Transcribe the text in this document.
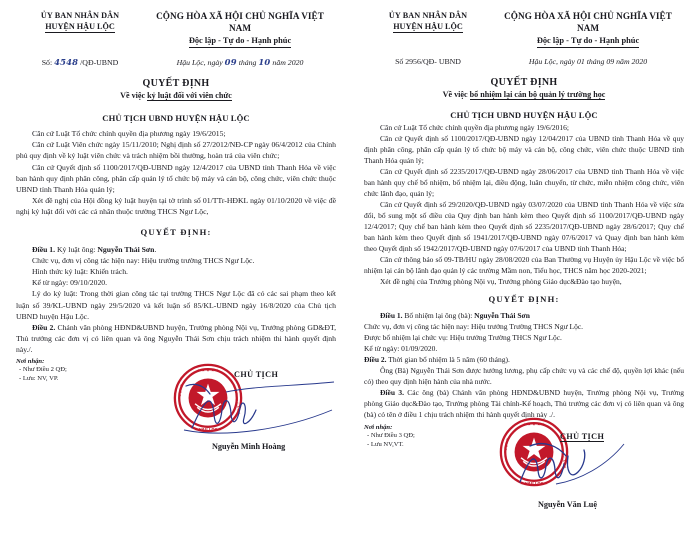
ỦY BAN NHÂN DÂN
HUYỆN HẬU LỘC
CỘNG HÒA XÃ HỘI CHỦ NGHĨA VIỆT NAM
Độc lập - Tự do - Hạnh phúc
Số: 4548 /QĐ-UBND	Hậu Lộc, ngày 09 tháng 10 năm 2020
QUYẾT ĐỊNH
Về việc kỷ luật đối với viên chức
CHỦ TỊCH UBND HUYỆN HẬU LỘC

Căn cứ Luật Tổ chức chính quyền địa phương ngày 19/6/2015;

Căn cứ Luật Viên chức ngày 15/11/2010; Nghị định số 27/2012/NĐ-CP ngày 06/4/2012 của Chính phủ quy định về kỷ luật viên chức và trách nhiệm bồi thường, hoàn trả của viên chức;

Căn cứ Quyết định số 1100/2017/QĐ-UBND ngày 12/4/2017 của UBND tỉnh Thanh Hóa về việc ban hành quy định phân công, phân cấp quản lý tổ chức bộ máy và cán bộ, công chức, viên chức thuộc UBND tỉnh Thanh Hóa quản lý;

Xét đề nghị của Hội đồng kỷ luật huyện tại tờ trình số 01/TTr-HĐKL ngày 01/10/2020 về việc đề nghị kỷ luật đối với các cá nhân thuộc trường THCS Ngư Lộc,

QUYẾT ĐỊNH:

Điều 1. Kỷ luật ông: Nguyễn Thái Sơn.

Chức vụ, đơn vị công tác hiện nay: Hiệu trưởng trường THCS Ngư Lộc.

Hình thức kỷ luật: Khiển trách.

Kể từ ngày: 09/10/2020.

Lý do kỷ luật: Trong thời gian công tác tại trường THCS Ngư Lộc đã có các sai phạm theo kết luận số 39/KL-UBND ngày 29/5/2020 và kết luận số 85/KL-UBND ngày 16/8/2020 của Chủ tịch UBND huyện Hậu Lộc.

Điều 2. Chánh văn phòng HĐND&UBND huyện, Trưởng phòng Nội vụ, Trưởng phòng GD&ĐT, Thủ trưởng các đơn vị có liên quan và ông Nguyễn Thái Sơn chịu trách nhiệm thi hành quyết định này./.

Nơi nhận:
- Như Điều 2 QĐ;
- Lưu: NV, VP.
★ ★ ★ ★ ★
★ HẬU LỘC ★
U B N D
T H A N H
CHỦ TỊCH
Nguyễn Minh Hoàng
ỦY BAN NHÂN DÂN
HUYỆN HẬU LỘC
CỘNG HÒA XÃ HỘI CHỦ NGHĨA VIỆT NAM
Độc lập - Tự do - Hạnh phúc
Số 2956/QĐ- UBND	Hậu Lộc, ngày 01 tháng 09 năm 2020
QUYẾT ĐỊNH
Về việc bổ nhiệm lại cán bộ quản lý trường học
CHỦ TỊCH UBND HUYỆN HẬU LỘC

Căn cứ Luật Tổ chức chính quyền địa phương ngày 19/6/2016;

Căn cứ Quyết định số 1100/2017/QĐ-UBND ngày 12/04/2017 của UBND tỉnh Thanh Hóa về quy định phân công, phân cấp quản lý tổ chức bộ máy và cán bộ, công chức, viên chức thuộc UBND tỉnh Thanh Hóa quản lý;

Căn cứ Quyết định số 2235/2017/QĐ-UBND ngày 28/06/2017 của UBND tỉnh Thanh Hóa về việc ban hành quy chế bổ nhiệm, bổ nhiệm lại, điều động, luân chuyển, từ chức, miễn nhiệm công chức, viên chức lãnh đạo, quản lý;

Căn cứ Quyết định số 29/2020/QĐ-UBND ngày 03/07/2020 của UBND tỉnh Thanh Hóa về việc sửa đổi, bổ sung một số điều của Quy định ban hành kèm theo Quyết định số 1100/2017/QĐ-UBND ngày 12/4/2017; Quy chế ban hành kèm theo Quyết định số 2235/2017/QĐ-UBND ngày 28/6/2017; Quy chế ban hành kèm theo Quyết định số 1941/2017/QĐ-UBND ngày 07/6/2017 và Quay định ban hành kèm theo Quyết định số 1942/2017/QĐ-UBND ngày 07/6/2017 của UBND tỉnh Thanh Hóa;

Căn cứ thông báo số 09-TB/HU ngày 28/08/2020 của Ban Thường vụ Huyện ủy Hậu Lộc về việc bổ nhiệm lại cán bộ lãnh đạo quản lý các trường Mầm non, Tiểu học, THCS năm học 2020-2021;

Xét đề nghị của Trưởng phòng Nội vụ, Trưởng phòng Giáo dục&Đào tạo huyện,

QUYẾT ĐỊNH:

Điều 1. Bổ nhiệm lại ông (bà): Nguyễn Thái Sơn

Chức vụ, đơn vị công tác hiện nay: Hiệu trưởng Trường THCS Ngư Lộc.

Được bổ nhiệm lại chức vụ: Hiệu trưởng Trường THCS Ngư Lộc.

Kể từ ngày: 01/09/2020.

Điều 2. Thời gian bổ nhiệm là 5 năm (60 tháng).

Ông (Bà) Nguyễn Thái Sơn được hưởng lương, phụ cấp chức vụ và các chế độ, quyền lợi khác (nếu có) theo quy định hiện hành của nhà nước.

Điều 3. Các ông (bà) Chánh văn phòng HĐND&UBND huyện, Trưởng phòng Nội vụ, Trưởng phòng Giáo dục&Đào tạo, Trưởng phòng Tài chính-Kế hoạch, Thủ trưởng các đơn vị có liên quan và ông (bà) có tên ở điều 1 chịu trách nhiệm thi hành quyết định này ./.

Nơi nhận:
- Như Điều 3 QĐ;
- Lưu NV,VT.
★ ★ ★ ★ ★
★ HẬU LỘC ★
U B N D
T H A N H
CHỦ TỊCH
Nguyễn Văn Luệ
